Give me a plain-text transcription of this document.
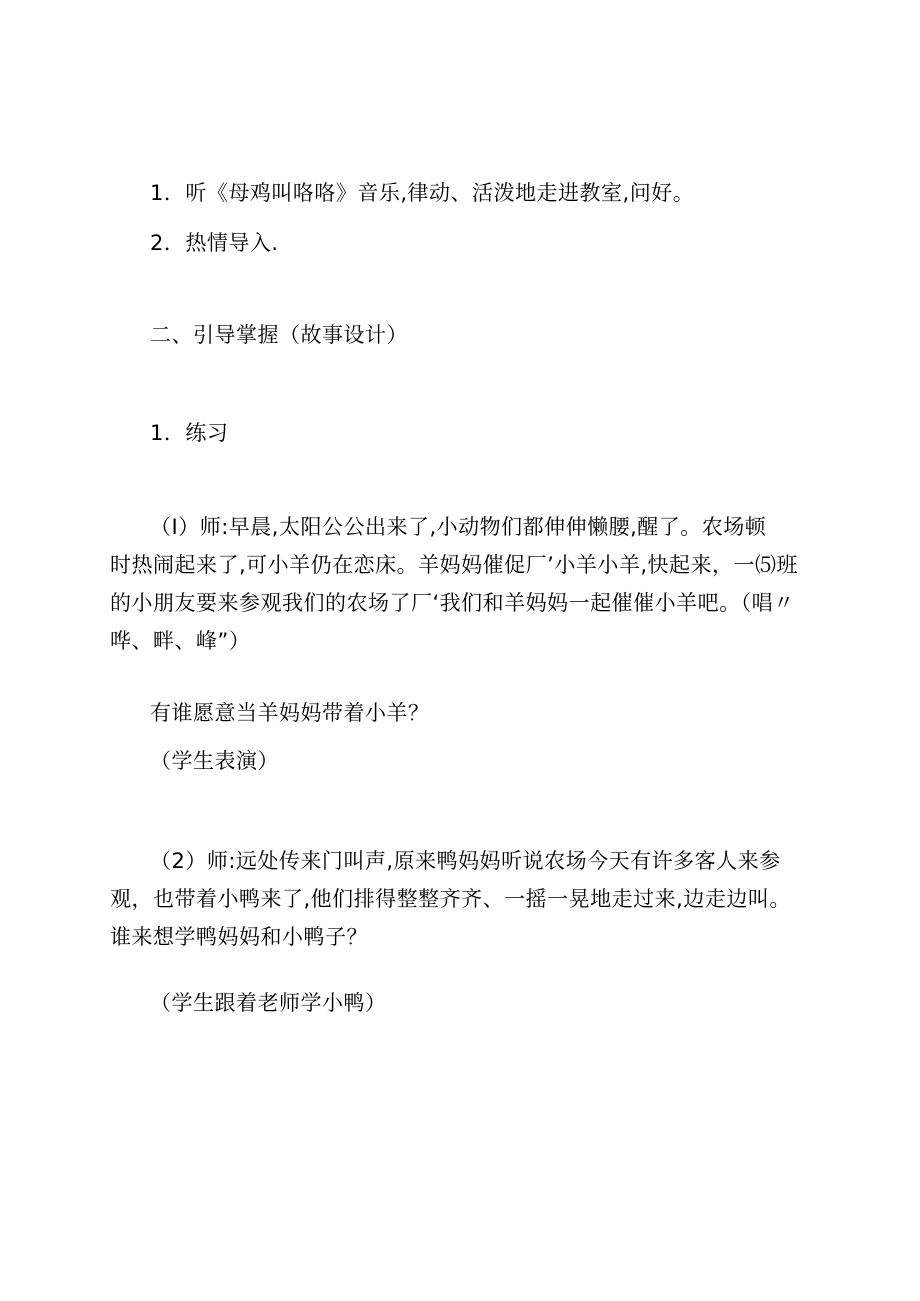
1．听《母鸡叫咯咯》音乐,律动、活泼地走进教室,问好。

2．热情导入.

二、引导掌握（故事设计）

1．练习

（I）师:早晨,太阳公公出来了,小动物们都伸伸懒腰,醒了。农场顿
时热闹起来了,可小羊仍在恋床。羊妈妈催促厂’小羊小羊,快起来，一⑸班
的小朋友要来参观我们的农场了厂‘我们和羊妈妈一起催催小羊吧。（唱〃
哗、畔、峰”）

有谁愿意当羊妈妈带着小羊？

（学生表演）

（2）师:远处传来门叫声,原来鸭妈妈听说农场今天有许多客人来参
观，也带着小鸭来了,他们排得整整齐齐、一摇一晃地走过来,边走边叫。
谁来想学鸭妈妈和小鸭子？

（学生跟着老师学小鸭）
